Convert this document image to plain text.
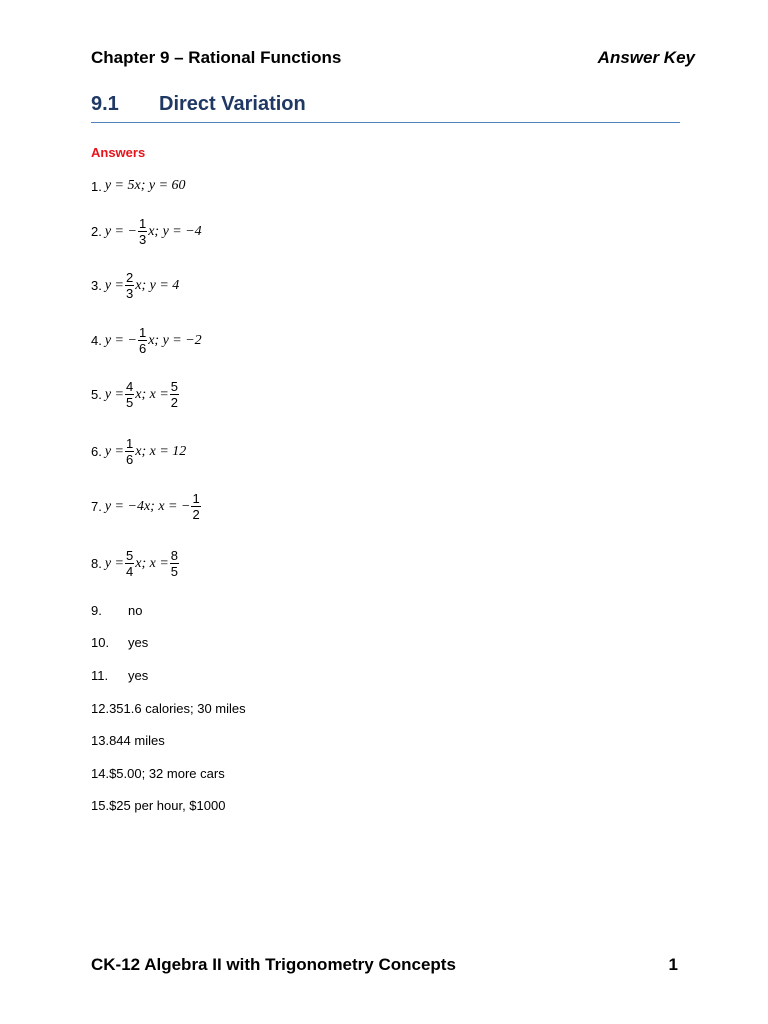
Chapter 9 – Rational Functions	Answer Key
9.1 Direct Variation
Answers
1. y = 5x; y = 60
2. y = − $\frac{1}{3} x$; y = −4
3. $y = \frac{2}{3} x$; y = 4
4. y = − $\frac{1}{6} x$; y = −2
5. $y = \frac{4}{5} x$; $x = \frac{5}{2}$
6. $y = \frac{1}{6} x$; x = 12
7. y = −4x; x = − $\frac{1}{2}$
8. $y = \frac{5}{4} x$; $x = \frac{8}{5}$
9.	no
10.	yes
11.	yes
12.351.6 calories; 30 miles
13.844 miles
14.$5.00; 32 more cars
15.$25 per hour, $1000
CK-12 Algebra II with Trigonometry Concepts	1
